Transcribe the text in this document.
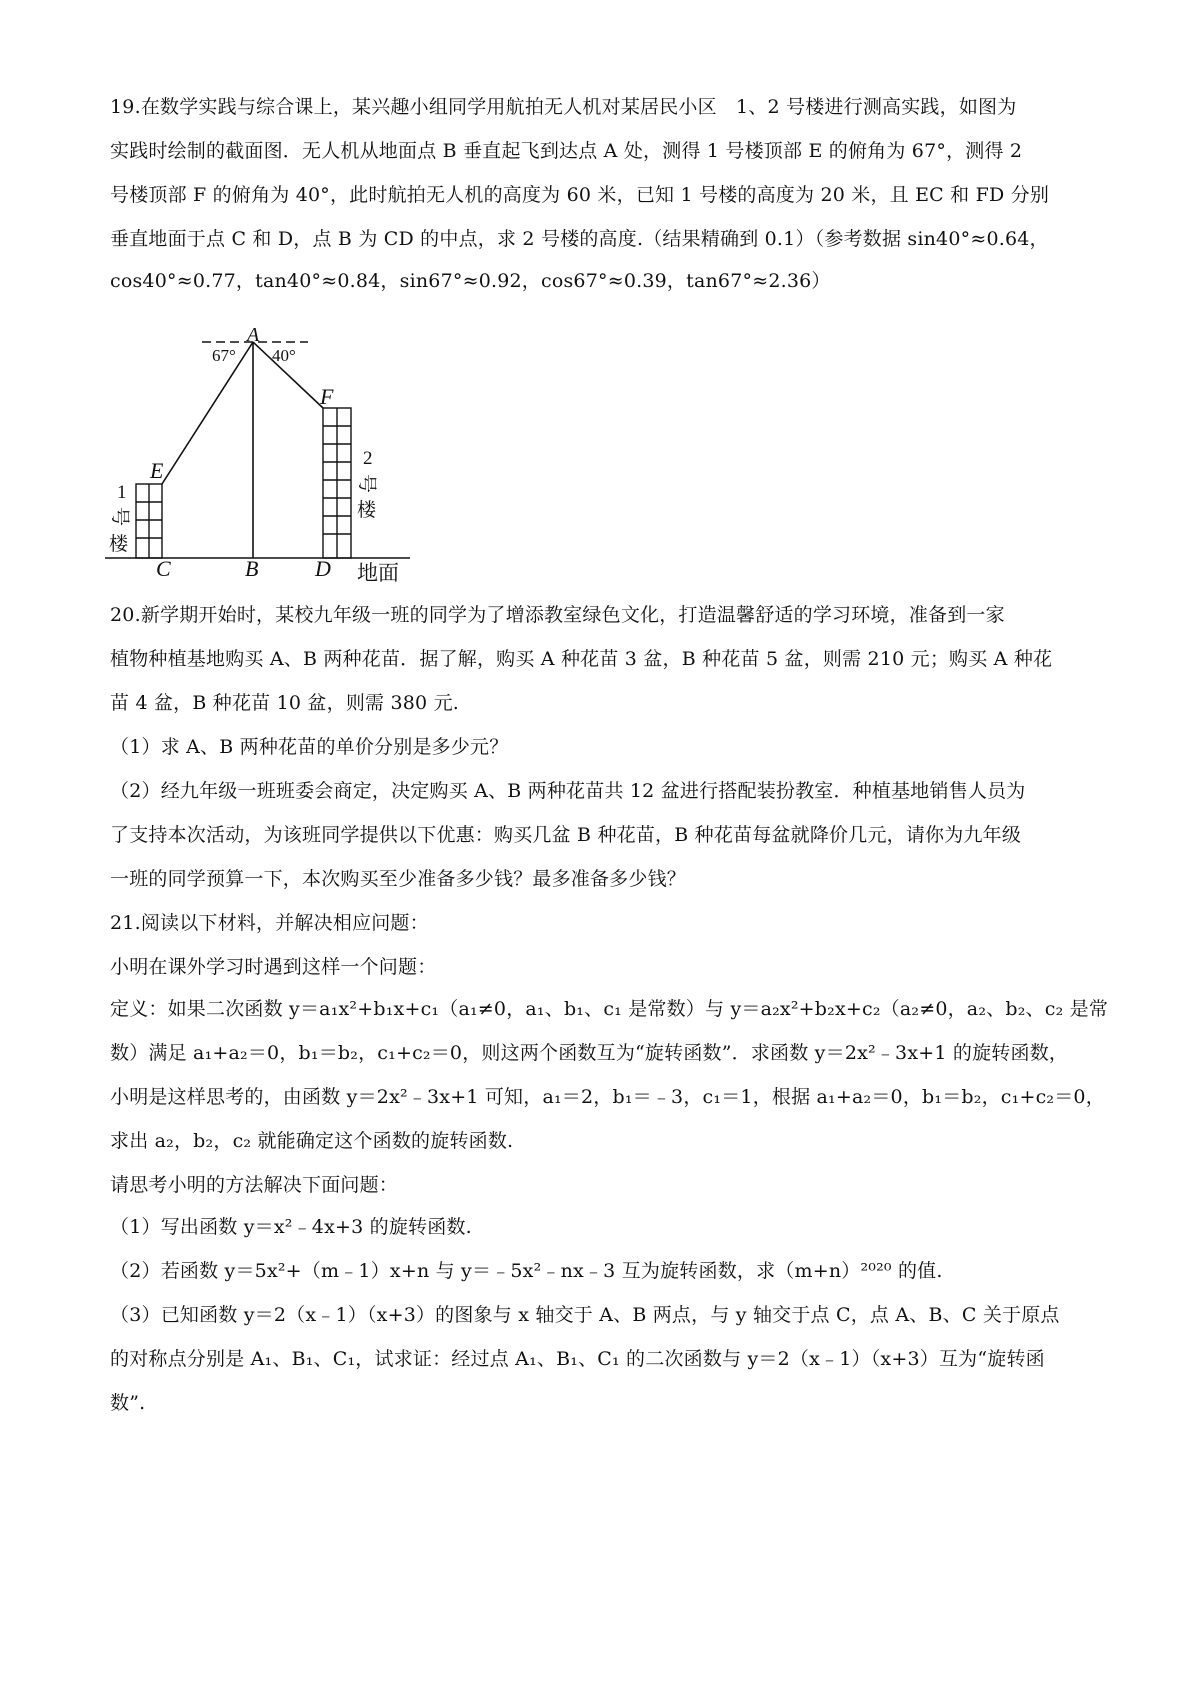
19.在数学实践与综合课上，某兴趣小组同学用航拍无人机对某居民小区　1、2 号楼进行测高实践，如图为
实践时绘制的截面图．无人机从地面点 B 垂直起飞到达点 A 处，测得 1 号楼顶部 E 的俯角为 67°，测得 2
号楼顶部 F 的俯角为 40°，此时航拍无人机的高度为 60 米，已知 1 号楼的高度为 20 米，且 EC 和 FD 分别
垂直地面于点 C 和 D，点 B 为 CD 的中点，求 2 号楼的高度.（结果精确到 0.1）（参考数据 sin40°≈0.64，
cos40°≈0.77，tan40°≈0.84，sin67°≈0.92，cos67°≈0.39，tan67°≈2.36）
A
E
F
C	B	D
67° 40°
1
号
楼
2
号
楼
地面
20.新学期开始时，某校九年级一班的同学为了增添教室绿色文化，打造温馨舒适的学习环境，准备到一家
植物种植基地购买 A、B 两种花苗．据了解，购买 A 种花苗 3 盆，B 种花苗 5 盆，则需 210 元；购买 A 种花
苗 4 盆，B 种花苗 10 盆，则需 380 元.
（1）求 A、B 两种花苗的单价分别是多少元？
（2）经九年级一班班委会商定，决定购买 A、B 两种花苗共 12 盆进行搭配装扮教室．种植基地销售人员为
了支持本次活动，为该班同学提供以下优惠：购买几盆 B 种花苗，B 种花苗每盆就降价几元，请你为九年级
一班的同学预算一下，本次购买至少准备多少钱？最多准备多少钱？
21.阅读以下材料，并解决相应问题：
小明在课外学习时遇到这样一个问题：
定义：如果二次函数 y＝a₁x²+b₁x+c₁（a₁≠0，a₁、b₁、c₁ 是常数）与 y＝a₂x²+b₂x+c₂（a₂≠0，a₂、b₂、c₂ 是常
数）满足 a₁+a₂＝0，b₁＝b₂，c₁+c₂＝0，则这两个函数互为“旋转函数”．求函数 y＝2x²﹣3x+1 的旋转函数，
小明是这样思考的，由函数 y＝2x²﹣3x+1 可知，a₁＝2，b₁＝﹣3，c₁＝1，根据 a₁+a₂＝0，b₁＝b₂，c₁+c₂＝0，
求出 a₂，b₂，c₂ 就能确定这个函数的旋转函数.
请思考小明的方法解决下面问题：
（1）写出函数 y＝x²﹣4x+3 的旋转函数.
（2）若函数 y＝5x²+（m﹣1）x+n 与 y＝﹣5x²﹣nx﹣3 互为旋转函数，求（m+n）²⁰²⁰ 的值.
（3）已知函数 y＝2（x﹣1）（x+3）的图象与 x 轴交于 A、B 两点，与 y 轴交于点 C，点 A、B、C 关于原点
的对称点分别是 A₁、B₁、C₁，试求证：经过点 A₁、B₁、C₁ 的二次函数与 y＝2（x﹣1）（x+3）互为“旋转函
数”.
